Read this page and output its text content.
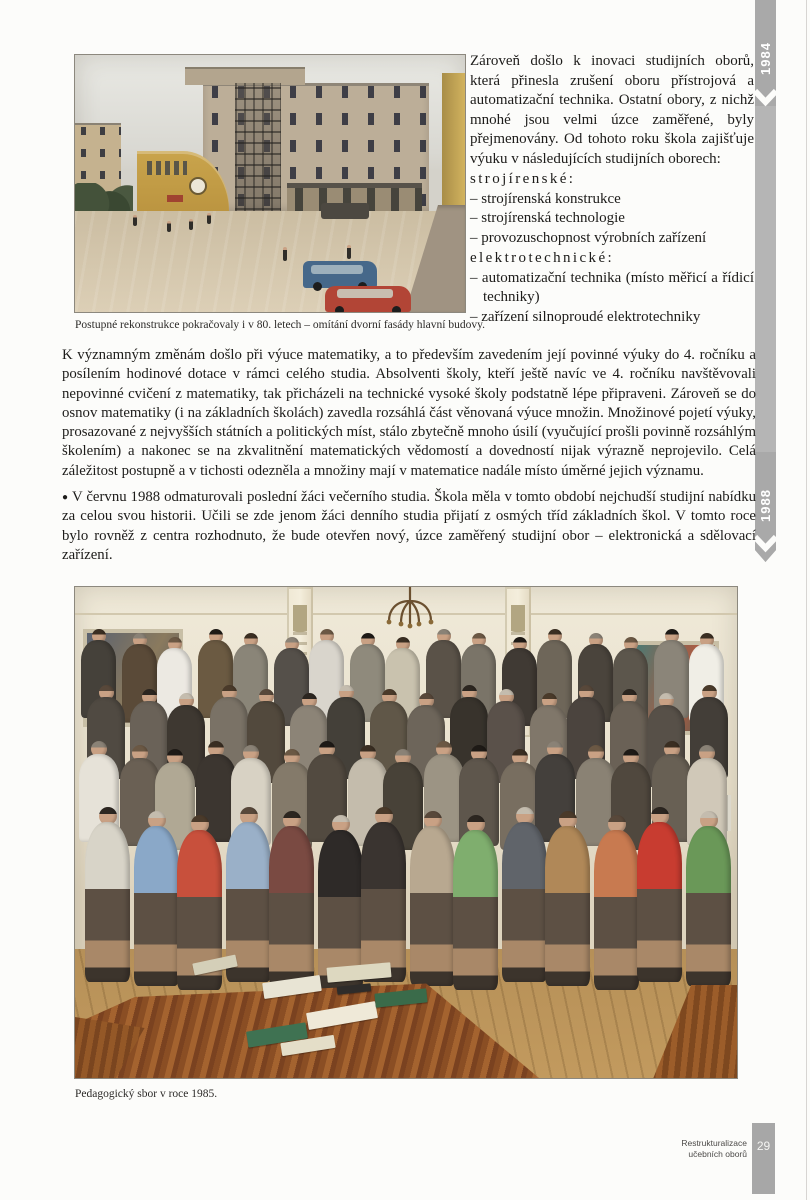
1984
1988
Postupné rekonstrukce pokračovaly i v 80. letech – omítání dvorní fasády hlavní budovy.

Zároveň došlo k inovaci studijních oborů, která přinesla zrušení oboru přístrojová a automatizační technika. Ostatní obory, z nichž mnohé jsou velmi úzce zaměřené, byly přejmenovány. Od tohoto roku škola zajišťuje výuku v následujících studijních oborech:

strojírenské:
– strojírenská konstrukce
– strojírenská technologie
– provozuschopnost výrobních zařízení
elektrotechnické:
– automatizační technika (místo měřicí a řídicí techniky)
– zařízení silnoproudé elektrotechniky

K významným změnám došlo při výuce matematiky, a to především zavedením její povinné výuky do 4. ročníku a posílením hodinové dotace v rámci celého studia. Absolventi školy, kteří ještě navíc ve 4. ročníku navštěvovali nepovinné cvičení z matematiky, tak přicházeli na technické vysoké školy podstatně lépe připraveni. Zároveň se do osnov matematiky (i na základních školách) zavedla rozsáhlá část věnovaná výuce množin. Množinové pojetí výuky, prosazované z nejvyšších státních a politických míst, stálo zbytečně mnoho úsilí (vyučující prošli povinně rozsáhlým školením) a nakonec se na zkvalitnění matematických vědomostí a dovedností nijak výrazně neprojevilo. Celá záležitost postupně a v tichosti odezněla a množiny mají v matematice nadále místo úměrné jejich významu.

● V červnu 1988 odmaturovali poslední žáci večerního studia. Škola měla v tomto období nejchudší studijní nabídku za celou svou historii. Učili se zde jenom žáci denního studia přijatí z osmých tříd základních škol. V tomto roce bylo rovněž z centra rozhodnuto, že bude otevřen nový, úzce zaměřený studijní obor – elektronická a sdělovací zařízení.

Pedagogický sbor v roce 1985.
Restrukturalizace
učebních oborů
29
